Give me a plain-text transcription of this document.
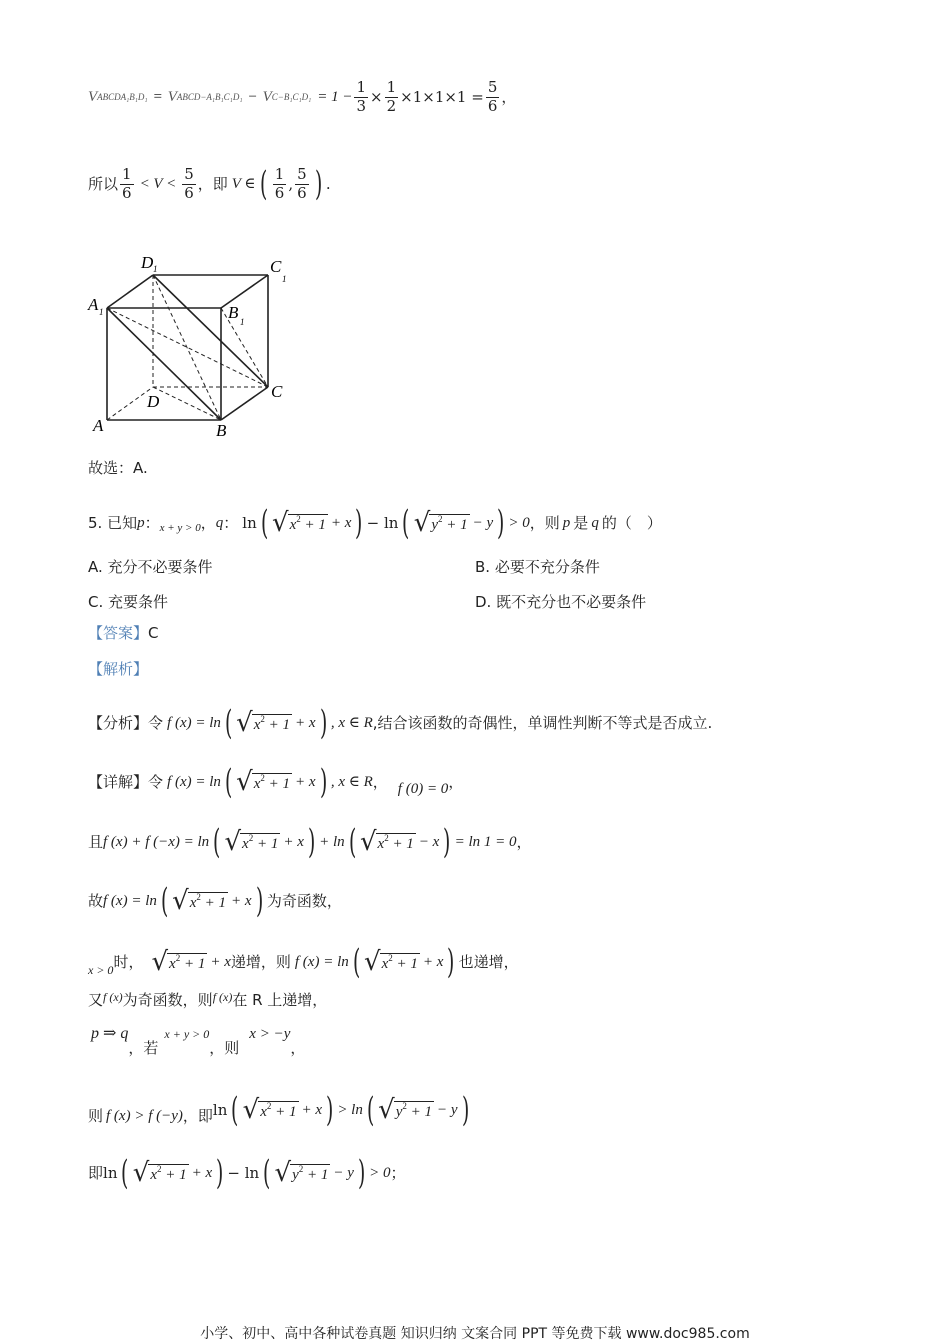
V ABCDA₁B₁D₁ = V ABCD−A₁B₁C₁D₁ − V $C-B_1C_1D_1 = 1 - \frac{1}{3} \times \frac{1}{2} \times 1\times 1\times 1 = \frac{5}{6}$ ，
所以 $\frac{1}{6} < V < \frac{5}{6}$ ，即 V ∈ ( $\frac{1}{6}$ , $\frac{5}{6}$ ) .
D 1	C
1
A 1	B 1
D
C
A	B
故选：A.
5. 已知 p ： x + y > 0 ， q ： ln ( √ $x^2 + 1 + x$ ) − ln ( √ $y^2 + 1 - y$ ) > 0 ，则 p 是 q 的（　）
A. 充分不必要条件	B. 必要不充分条件
C. 充要条件	D. 既不充分也不必要条件
【答案】 C
【解析】
【分析】 令 f (x) = ln ( √ $x^2 + 1 + x$ ) , x ∈ R ,结合该函数的奇偶性，单调性判断不等式是否成立.
【详解】 令 f (x) = ln ( √ $x^2 + 1 + x$ ) , x ∈ R ， f (0) = 0 ，
且 f (x) + f (−x) = ln ( √ $x^2 + 1 + x$ ) + ln ( √ $x^2 + 1 - x$ ) = ln 1 = 0 ，
故 f (x) = ln ( √ $x^2 + 1 + x$ ) 为奇函数，
x > 0 时， √ $x^2 + 1 + x$ 递增，则 f (x) = ln ( √ $x^2 + 1 + x$ ) 也递增，
又 f (x) 为奇函数，则 f (x) 在 R 上递增，
p ⇒ q
，若
x + y > 0
，则
x > −y
，
则 f (x) > f (−y) ，即 ln ( √ $x^2 + 1 + x$ ) > ln ( √ $y^2 + 1 - y$ )
即 ln ( √ $x^2 + 1 + x$ ) − ln ( √ $y^2 + 1 - y$ ) > 0 ；
小学、初中、高中各种试卷真题 知识归纳 文案合同 PPT 等免费下载 www.doc985.com
